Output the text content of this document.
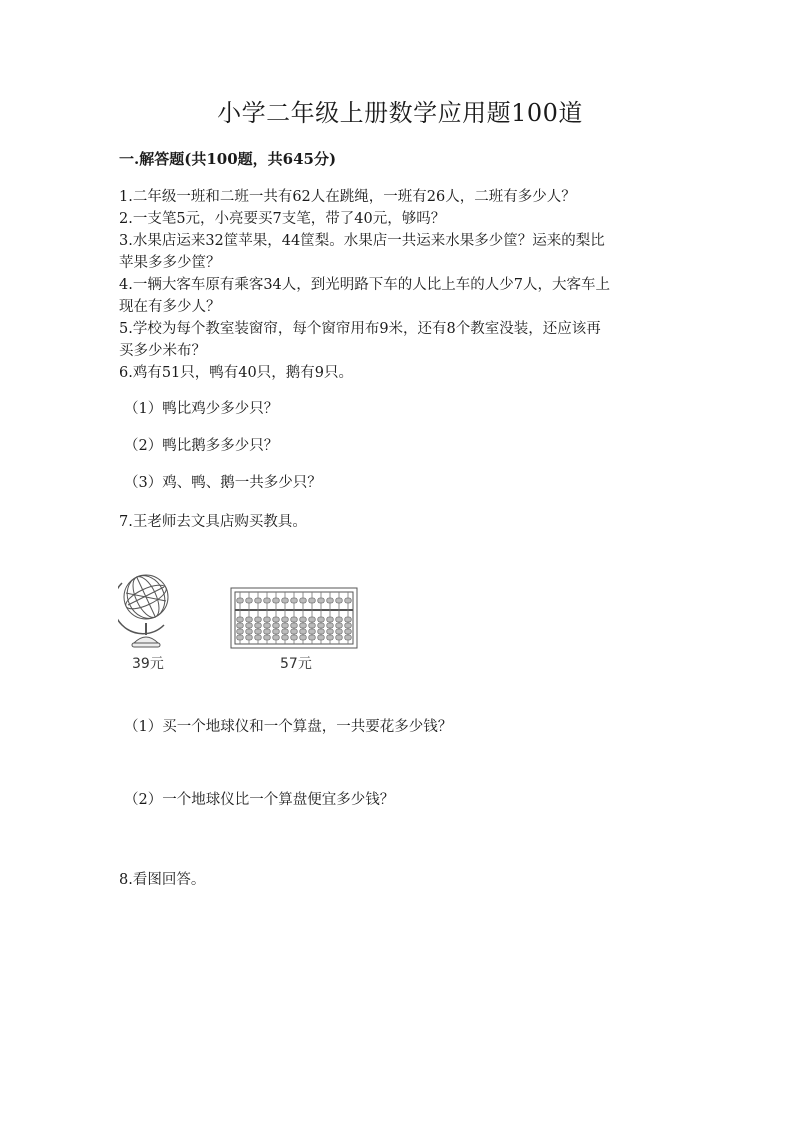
小学二年级上册数学应用题100道
一.解答题(共100题，共645分)
1.二年级一班和二班一共有62人在跳绳，一班有26人，二班有多少人？
2.一支笔5元，小亮要买7支笔，带了40元，够吗？
3.水果店运来32筐苹果，44筐梨。水果店一共运来水果多少筐？运来的梨比
苹果多多少筐？
4.一辆大客车原有乘客34人，到光明路下车的人比上车的人少7人，大客车上
现在有多少人？
5.学校为每个教室装窗帘，每个窗帘用布9米，还有8个教室没装，还应该再
买多少米布？
6.鸡有51只，鸭有40只，鹅有9只。
（1）鸭比鸡少多少只？
（2）鸭比鹅多多少只？
（3）鸡、鸭、鹅一共多少只？
7.王老师去文具店购买教具。
39元	57元
（1）买一个地球仪和一个算盘，一共要花多少钱？
（2）一个地球仪比一个算盘便宜多少钱？
8.看图回答。
